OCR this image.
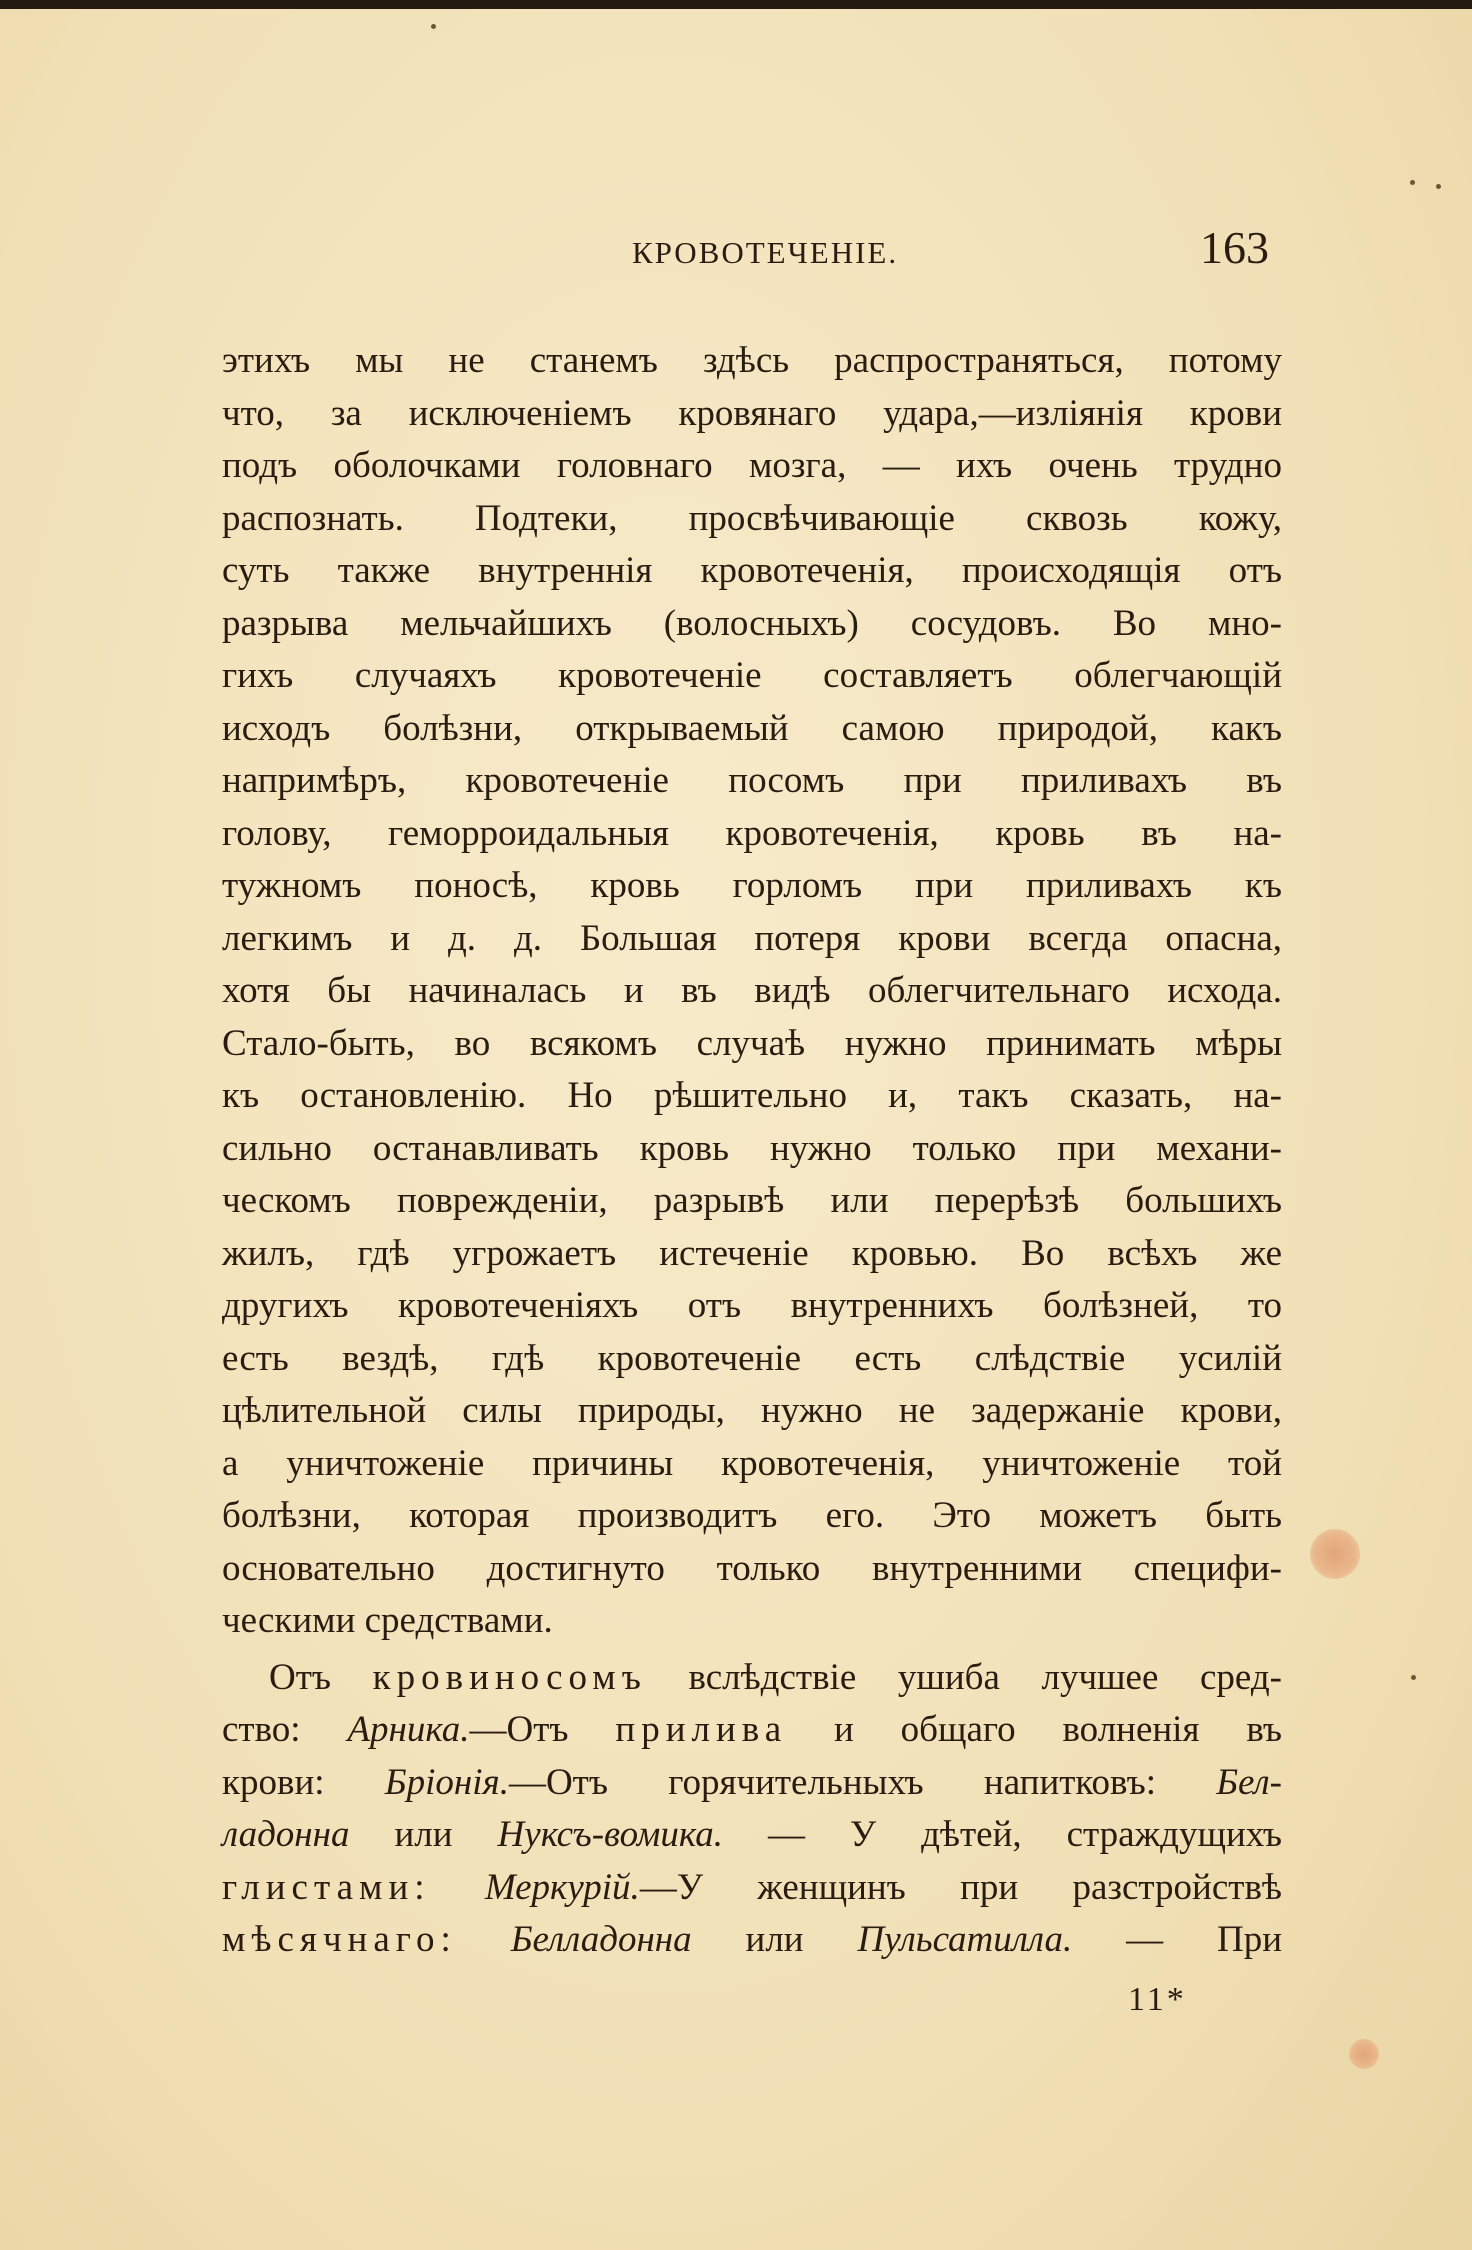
КРОВОТЕЧЕНІЕ.	163
этихъ мы не станемъ здѣсь распространяться, потому
что, за исключеніемъ кровянаго удара,—изліянія крови
подъ оболочками головнаго мозга, — ихъ очень трудно
распознать. Подтеки, просвѣчивающіе сквозь кожу,
суть также внутреннія кровотеченія, происходящія отъ
разрыва мельчайшихъ (волосныхъ) сосудовъ. Во мно-
гихъ случаяхъ кровотеченіе составляетъ облегчающій
исходъ болѣзни, открываемый самою природой, какъ
напримѣръ, кровотеченіе посомъ при приливахъ въ
голову, геморроидальныя кровотеченія, кровь въ на-
тужномъ поносѣ, кровь горломъ при приливахъ къ
легкимъ и д. д. Большая потеря крови всегда опасна,
хотя бы начиналась и въ видѣ облегчительнаго исхода.
Стало-быть, во всякомъ случаѣ нужно принимать мѣры
къ остановленію. Но рѣшительно и, такъ сказать, на-
сильно останавливать кровь нужно только при механи-
ческомъ поврежденіи, разрывѣ или перерѣзѣ большихъ
жилъ, гдѣ угрожаетъ истеченіе кровью. Во всѣхъ же
другихъ кровотеченіяхъ отъ внутреннихъ болѣзней, то
есть вездѣ, гдѣ кровотеченіе есть слѣдствіе усилій
цѣлительной силы природы, нужно не задержаніе крови,
а уничтоженіе причины кровотеченія, уничтоженіе той
болѣзни, которая производитъ его. Это можетъ быть
основательно достигнуто только внутренними специфи-
ческими средствами.
Отъ кровиносомъ вслѣдствіе ушиба лучшее сред-
ство: Арника.—Отъ прилива и общаго волненія въ
крови: Бріонія.—Отъ горячительныхъ напитковъ: Бел-
ладонна или Нуксъ-вомика. — У дѣтей, страждущихъ
глистами: Меркурій.—У женщинъ при разстройствѣ
мѣсячнаго: Белладонна или Пульсатилла. — При
11*
